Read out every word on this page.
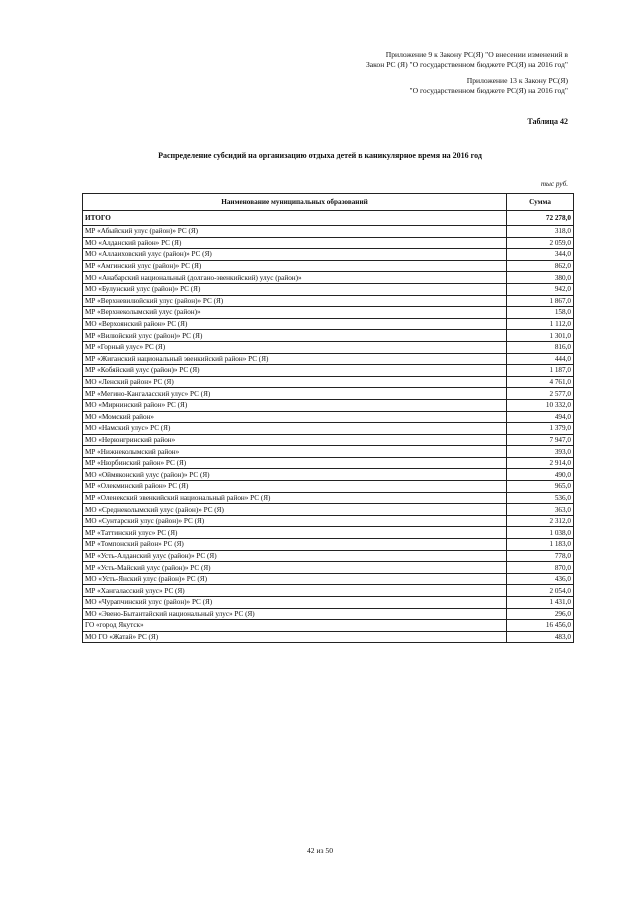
Приложение 9 к Закону РС(Я) "О внесении изменений в
Закон РС (Я) "О государственном бюджете РС(Я) на 2016 год"
Приложение 13 к Закону РС(Я)
"О государственном бюджете РС(Я) на 2016 год"
Таблица 42
Распределение субсидий на организацию отдыха детей в каникулярное время на 2016 год
тыс руб.
Наименование муниципальных образований	Сумма
ИТОГО	72 278,0
МР «Абыйский улус (район)» РС (Я)	318,0
МО «Алданский район» РС (Я)	2 059,0
МО «Аллаиховский улус (район)» РС (Я)	344,0
МР «Амгинский улус (район)» РС (Я)	862,0
МО «Анабарский национальный (долгано-эвенкийский) улус (район)»	380,0
МО «Булунский улус (район)» РС (Я)	942,0
МР «Верхневилюйский улус (район)» РС (Я)	1 867,0
МР «Верхнеколымский улус (район)»	158,0
МО «Верхоянский район» РС (Я)	1 112,0
МР «Вилюйский улус (район)» РС (Я)	1 301,0
МР «Горный улус» РС (Я)	816,0
МР «Жиганский национальный эвенкийский район» РС (Я)	444,0
МР «Кобяйский улус (район)» РС (Я)	1 187,0
МО «Ленский район» РС (Я)	4 761,0
МР «Мегино-Кангаласский улус» РС (Я)	2 577,0
МО «Мирнинский район» РС (Я)	10 332,0
МО «Момский район»	494,0
МО «Намский улус» РС (Я)	1 379,0
МО «Нерюнгринский район»	7 947,0
МР «Нижнеколымский район»	393,0
МР «Нюрбинский район» РС (Я)	2 914,0
МО «Оймяконский улус (район)» РС (Я)	490,0
МР «Олекминский район» РС (Я)	965,0
МР «Оленекский эвенкийский национальный район» РС (Я)	536,0
МО «Среднеколымский улус (район)» РС (Я)	363,0
МО «Сунтарский улус (район)» РС (Я)	2 312,0
МР «Таттинский улус» РС (Я)	1 038,0
МР «Томпонский район» РС (Я)	1 183,0
МР «Усть-Алданский улус (район)» РС (Я)	778,0
МР «Усть-Майский улус (район)» РС (Я)	870,0
МО «Усть-Янский улус (район)» РС (Я)	436,0
МР «Хангаласский улус» РС (Я)	2 054,0
МО «Чурапчинский улус (район)» РС (Я)	1 431,0
МО «Эвено-Бытантайский национальный улус» РС (Я)	296,0
ГО «город Якутск»	16 456,0
МО ГО «Жатай» РС (Я)	483,0
42 из 50
